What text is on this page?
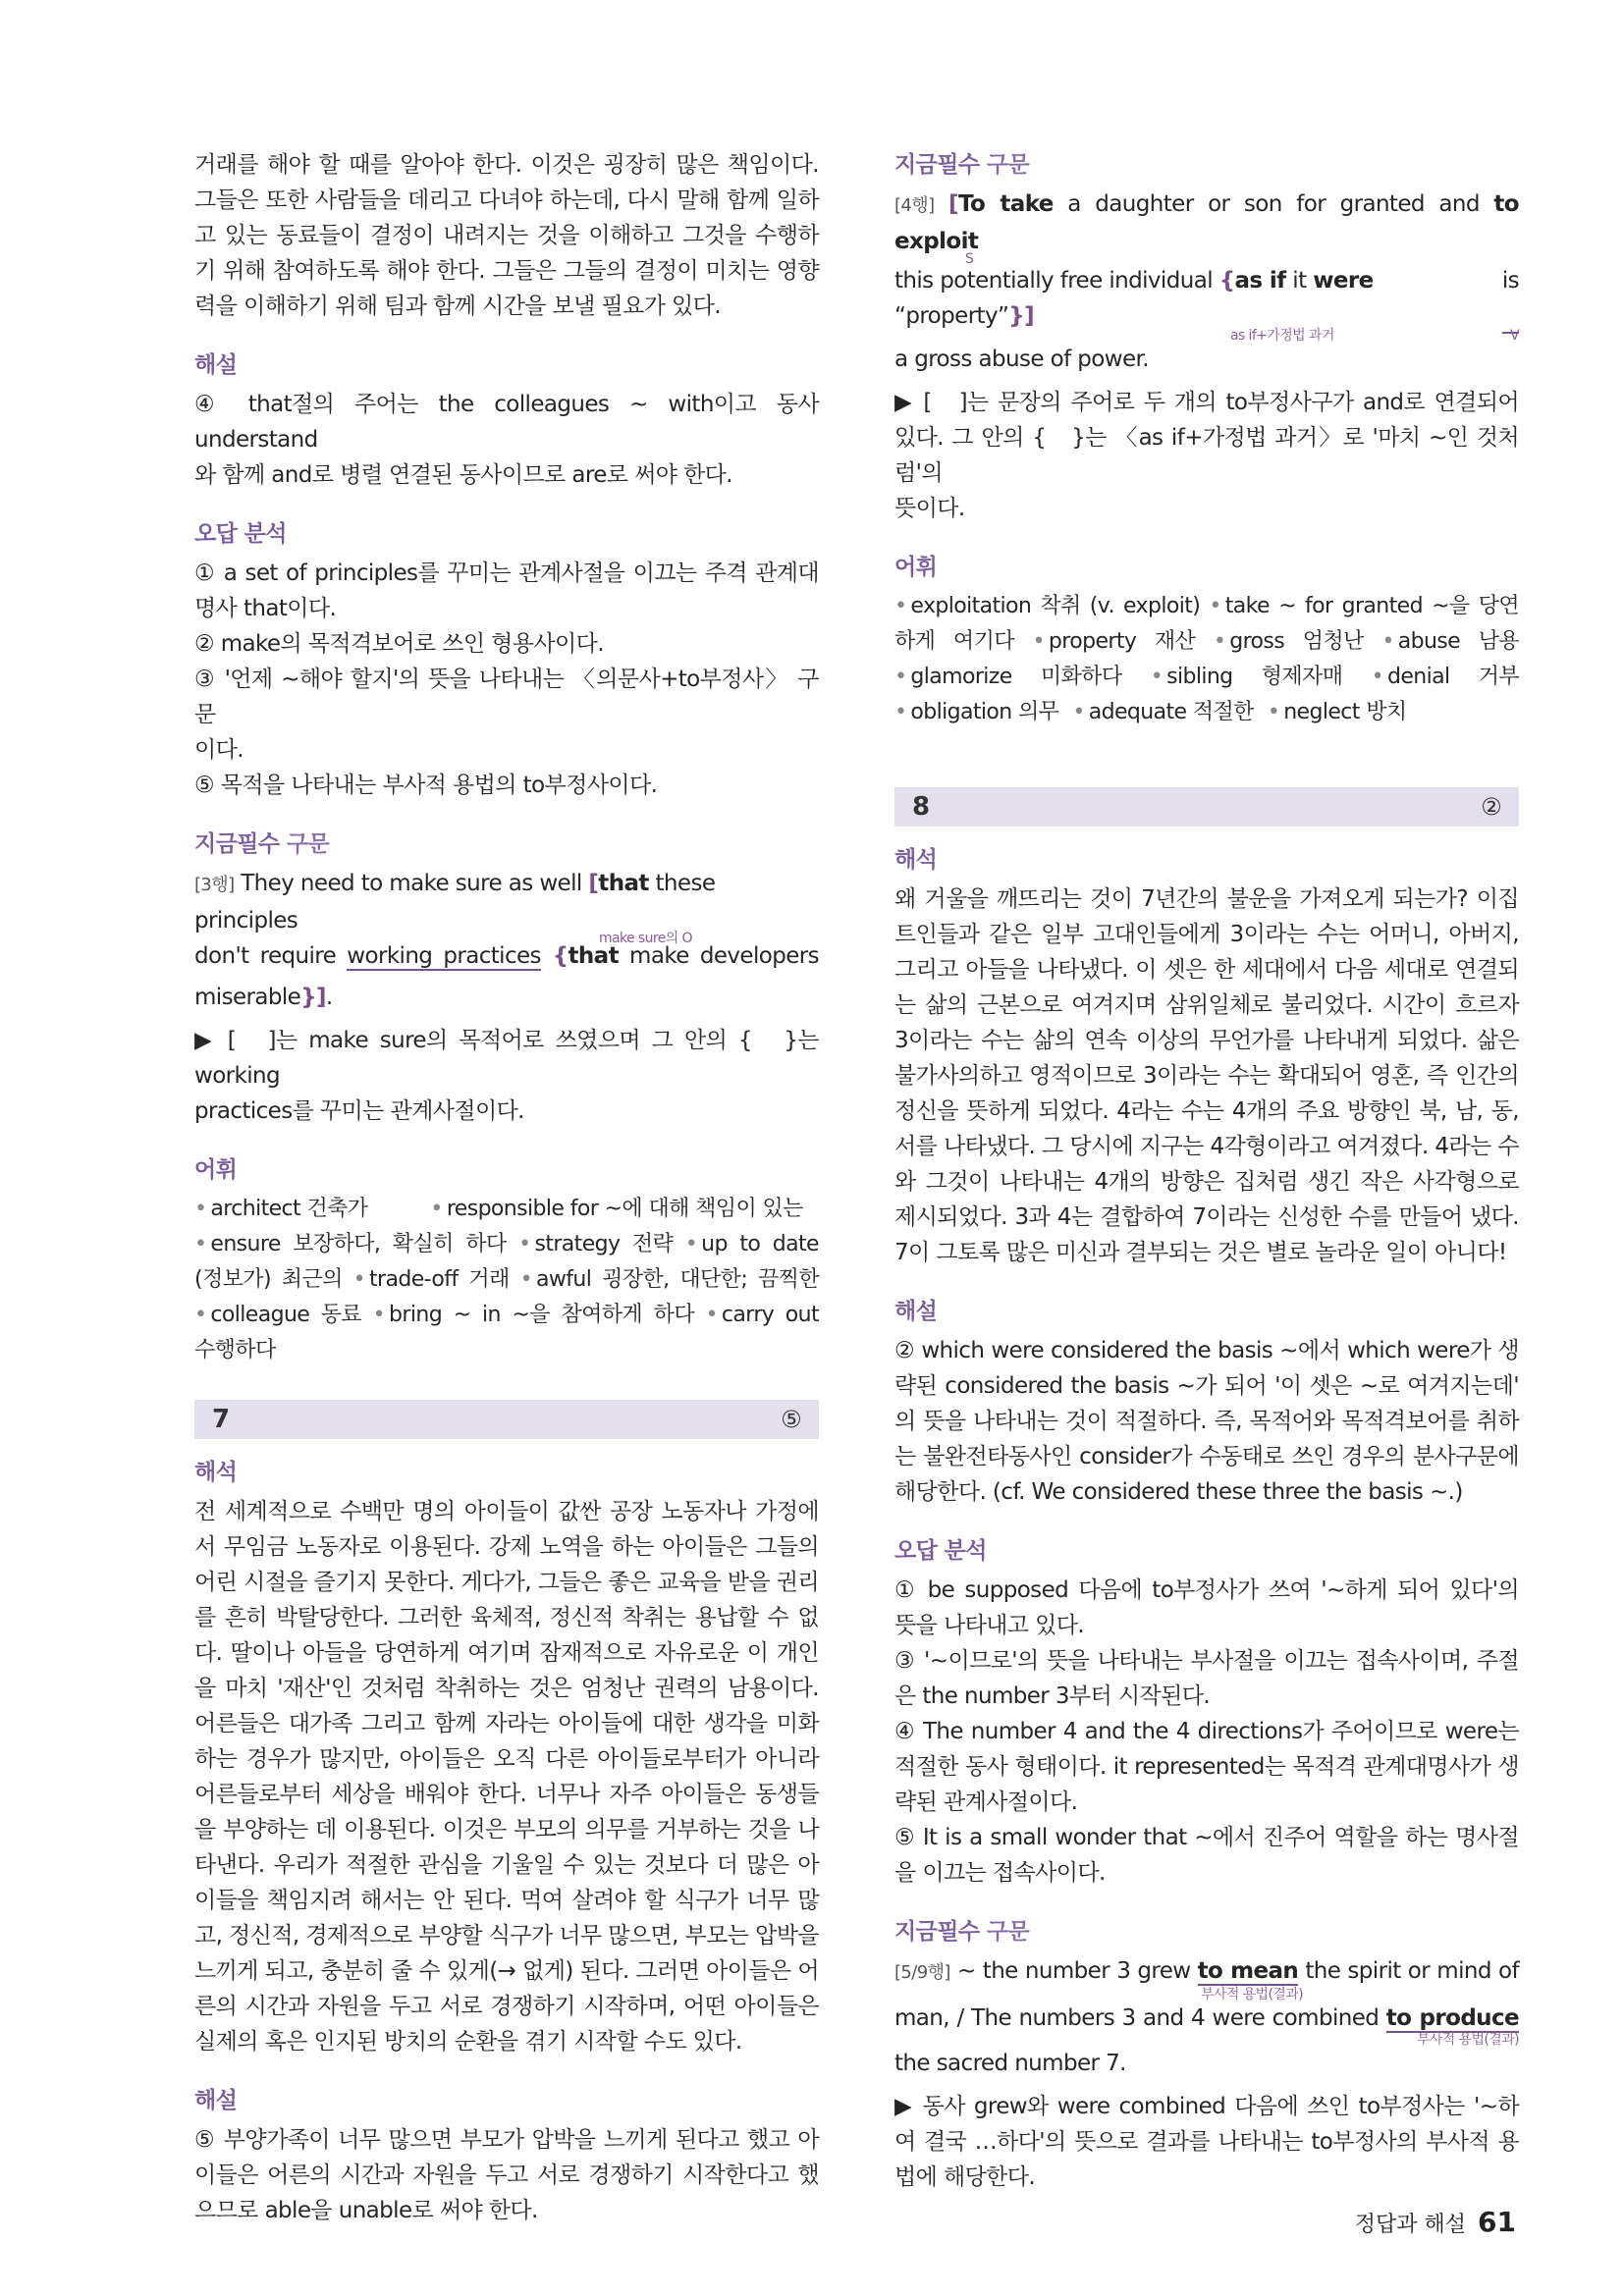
거래를 해야 할 때를 알아야 한다. 이것은 굉장히 많은 책임이다.
그들은 또한 사람들을 데리고 다녀야 하는데, 다시 말해 함께 일하
고 있는 동료들이 결정이 내려지는 것을 이해하고 그것을 수행하
기 위해 참여하도록 해야 한다. 그들은 그들의 결정이 미치는 영향
력을 이해하기 위해 팀과 함께 시간을 보낼 필요가 있다.

해설

④ that절의 주어는 the colleagues ~ with이고 동사 understand
와 함께 and로 병렬 연결된 동사이므로 are로 써야 한다.

오답 분석

① a set of principles를 꾸미는 관계사절을 이끄는 주격 관계대
명사 that이다.
② make의 목적격보어로 쓰인 형용사이다.
③ '언제 ~해야 할지'의 뜻을 나타내는 〈의문사+to부정사〉 구문
이다.
⑤ 목적을 나타내는 부사적 용법의 to부정사이다.

지금필수 구문

[3행] They need to make sure as well [that these principles
make sure의 O
don't require working practices {that make developers
miserable}].
▶ [　]는 make sure의 목적어로 쓰였으며 그 안의 {　}는 working
practices를 꾸미는 관계사절이다.

어휘

• architect 건축가	• responsible for ~에 대해 책임이 있는
• ensure 보장하다, 확실히 하다 • strategy 전략 • up to date
(정보가) 최근의 • trade-off 거래 • awful 굉장한, 대단한; 끔찍한
• colleague 동료 • bring ~ in ~을 참여하게 하다 • carry out
수행하다
7	⑤

해석

전 세계적으로 수백만 명의 아이들이 값싼 공장 노동자나 가정에
서 무임금 노동자로 이용된다. 강제 노역을 하는 아이들은 그들의
어린 시절을 즐기지 못한다. 게다가, 그들은 좋은 교육을 받을 권리
를 흔히 박탈당한다. 그러한 육체적, 정신적 착취는 용납할 수 없
다. 딸이나 아들을 당연하게 여기며 잠재적으로 자유로운 이 개인
을 마치 '재산'인 것처럼 착취하는 것은 엄청난 권력의 남용이다.
어른들은 대가족 그리고 함께 자라는 아이들에 대한 생각을 미화
하는 경우가 많지만, 아이들은 오직 다른 아이들로부터가 아니라
어른들로부터 세상을 배워야 한다. 너무나 자주 아이들은 동생들
을 부양하는 데 이용된다. 이것은 부모의 의무를 거부하는 것을 나
타낸다. 우리가 적절한 관심을 기울일 수 있는 것보다 더 많은 아
이들을 책임지려 해서는 안 된다. 먹여 살려야 할 식구가 너무 많
고, 정신적, 경제적으로 부양할 식구가 너무 많으면, 부모는 압박을
느끼게 되고, 충분히 줄 수 있게(→ 없게) 된다. 그러면 아이들은 어
른의 시간과 자원을 두고 서로 경쟁하기 시작하며, 어떤 아이들은
실제의 혹은 인지된 방치의 순환을 겪기 시작할 수도 있다.

해설

⑤ 부양가족이 너무 많으면 부모가 압박을 느끼게 된다고 했고 아
이들은 어른의 시간과 자원을 두고 서로 경쟁하기 시작한다고 했
으므로 able을 unable로 써야 한다.

지금필수 구문

[4행] [To take a daughter or son for granted and to exploit
S
this potentially free individual {as if it were “property”}]
is
as if+가정법 과거	V
a gross abuse of power.
▶ [　]는 문장의 주어로 두 개의 to부정사구가 and로 연결되어
있다. 그 안의 {　}는 〈as if+가정법 과거〉로 '마치 ~인 것처럼'의
뜻이다.

어휘

• exploitation 착취 (v. exploit) • take ~ for granted ~을 당연
하게 여기다 • property 재산 • gross 엄청난 • abuse 남용
• glamorize 미화하다 • sibling 형제자매 • denial 거부
• obligation 의무 • adequate 적절한 • neglect 방치
8	②

해석

왜 거울을 깨뜨리는 것이 7년간의 불운을 가져오게 되는가? 이집
트인들과 같은 일부 고대인들에게 3이라는 수는 어머니, 아버지,
그리고 아들을 나타냈다. 이 셋은 한 세대에서 다음 세대로 연결되
는 삶의 근본으로 여겨지며 삼위일체로 불리었다. 시간이 흐르자
3이라는 수는 삶의 연속 이상의 무언가를 나타내게 되었다. 삶은
불가사의하고 영적이므로 3이라는 수는 확대되어 영혼, 즉 인간의
정신을 뜻하게 되었다. 4라는 수는 4개의 주요 방향인 북, 남, 동,
서를 나타냈다. 그 당시에 지구는 4각형이라고 여겨졌다. 4라는 수
와 그것이 나타내는 4개의 방향은 집처럼 생긴 작은 사각형으로
제시되었다. 3과 4는 결합하여 7이라는 신성한 수를 만들어 냈다.
7이 그토록 많은 미신과 결부되는 것은 별로 놀라운 일이 아니다!

해설

② which were considered the basis ~에서 which were가 생
략된 considered the basis ~가 되어 '이 셋은 ~로 여겨지는데'
의 뜻을 나타내는 것이 적절하다. 즉, 목적어와 목적격보어를 취하
는 불완전타동사인 consider가 수동태로 쓰인 경우의 분사구문에
해당한다. (cf. We considered these three the basis ~.)

오답 분석

① be supposed 다음에 to부정사가 쓰여 '~하게 되어 있다'의
뜻을 나타내고 있다.
③ '~이므로'의 뜻을 나타내는 부사절을 이끄는 접속사이며, 주절
은 the number 3부터 시작된다.
④ The number 4 and the 4 directions가 주어이므로 were는
적절한 동사 형태이다. it represented는 목적격 관계대명사가 생
략된 관계사절이다.
⑤ It is a small wonder that ~에서 진주어 역할을 하는 명사절
을 이끄는 접속사이다.

지금필수 구문

[5/9행] ~ the number 3 grew to mean the spirit or mind of
부사적 용법(결과)
man, / The numbers 3 and 4 were combined to produce
부사적 용법(결과)
the sacred number 7.
▶ 동사 grew와 were combined 다음에 쓰인 to부정사는 '~하
여 결국 …하다'의 뜻으로 결과를 나타내는 to부정사의 부사적 용
법에 해당한다.
정답과 해설 61
